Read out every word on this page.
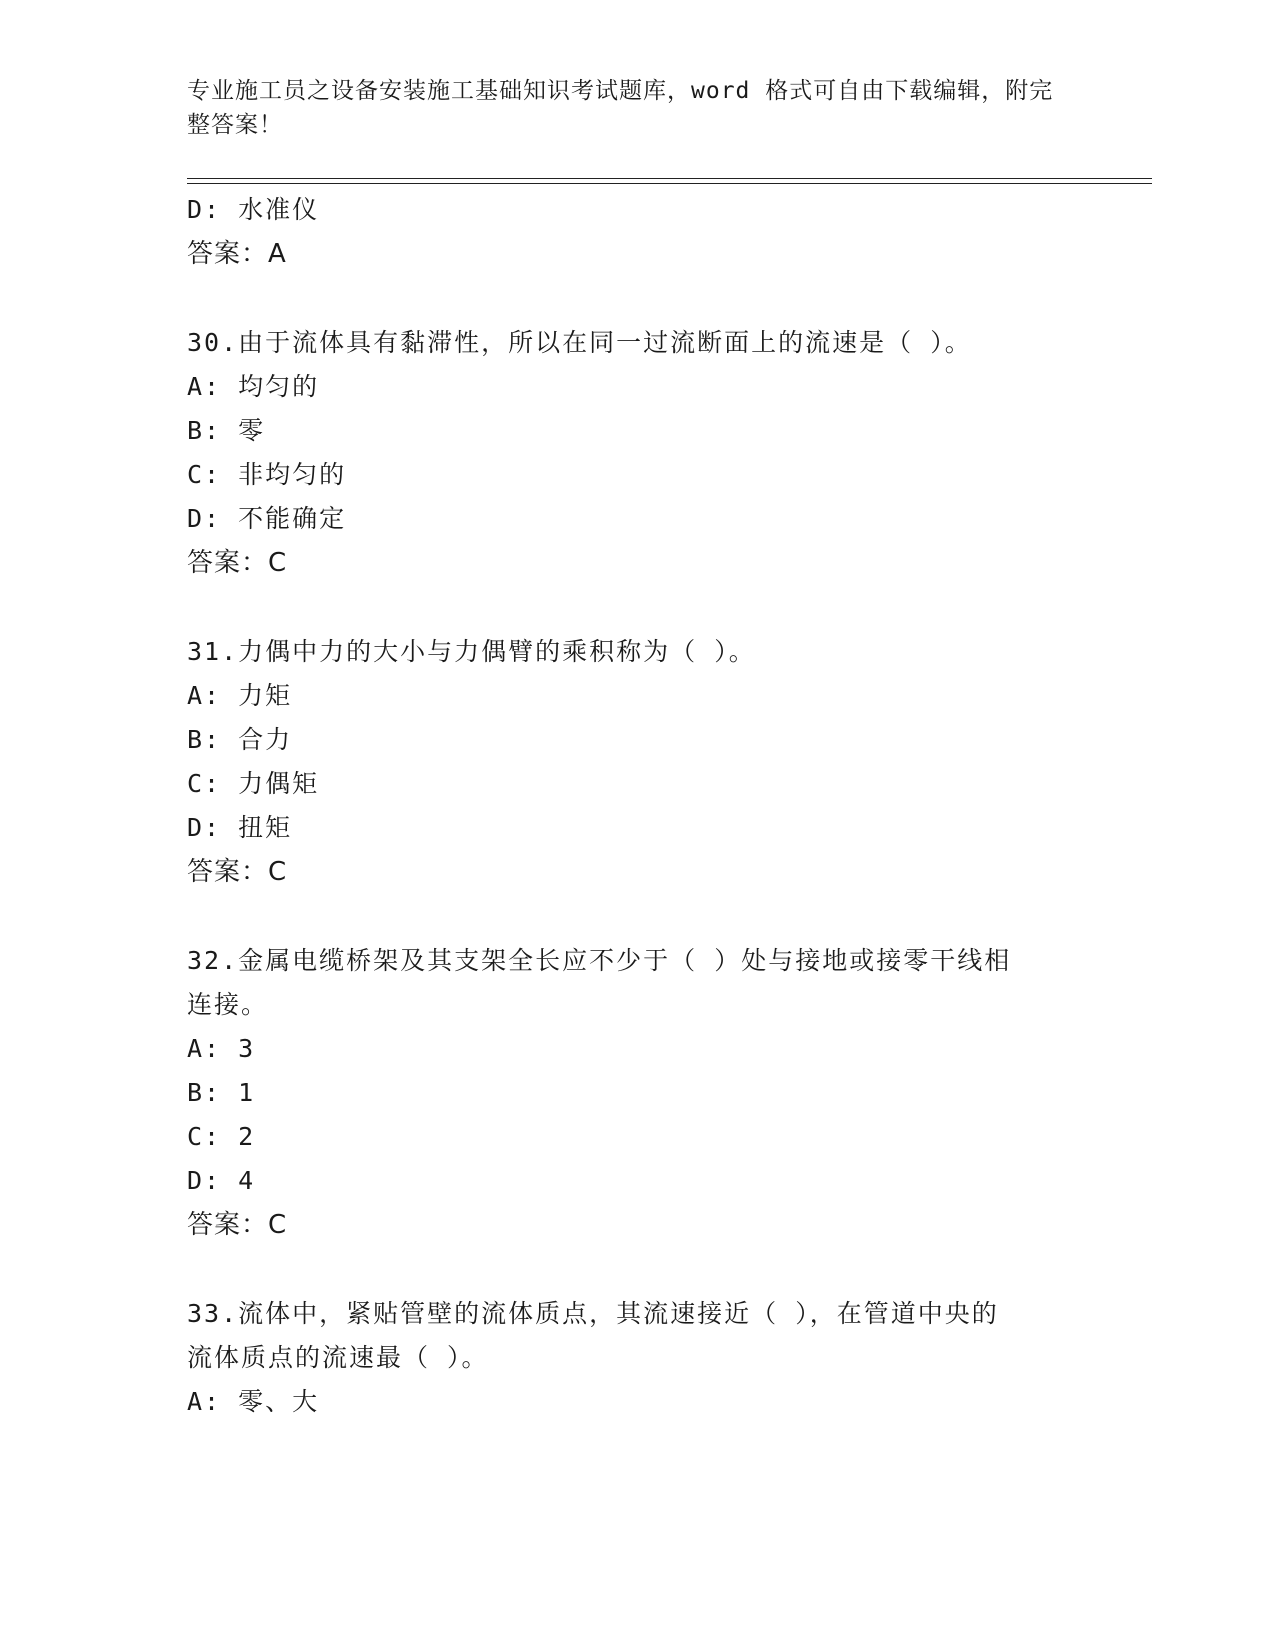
专业施工员之设备安装施工基础知识考试题库，word 格式可自由下载编辑，附完整答案！
D: 水准仪
答案：A
30.由于流体具有黏滞性，所以在同一过流断面上的流速是（ ）。
A: 均匀的
B: 零
C: 非均匀的
D: 不能确定
答案：C
31.力偶中力的大小与力偶臂的乘积称为（ ）。
A: 力矩
B: 合力
C: 力偶矩
D: 扭矩
答案：C
32.金属电缆桥架及其支架全长应不少于（ ）处与接地或接零干线相
连接。
A: 3
B: 1
C: 2
D: 4
答案：C
33.流体中，紧贴管壁的流体质点，其流速接近（ ），在管道中央的
流体质点的流速最（ ）。
A: 零、大
